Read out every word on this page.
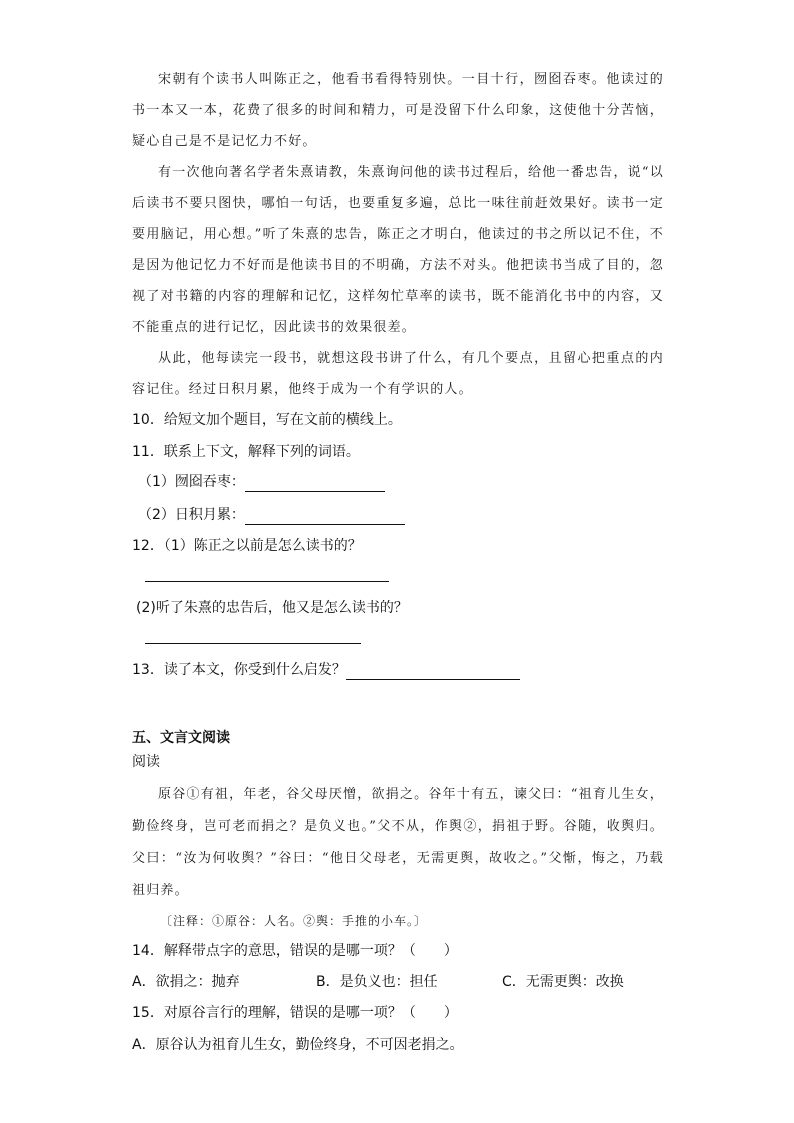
宋朝有个读书人叫陈正之，他看书看得特别快。一目十行，囫囵吞枣。他读过的书一本又一本，花费了很多的时间和精力，可是没留下什么印象，这使他十分苦恼，疑心自己是不是记忆力不好。
有一次他向著名学者朱熹请教，朱熹询问他的读书过程后，给他一番忠告，说“以后读书不要只图快，哪怕一句话，也要重复多遍，总比一味往前赶效果好。读书一定要用脑记，用心想。”听了朱熹的忠告，陈正之才明白，他读过的书之所以记不住，不是因为他记忆力不好而是他读书目的不明确，方法不对头。他把读书当成了目的，忽视了对书籍的内容的理解和记忆，这样匆忙草率的读书，既不能消化书中的内容，又不能重点的进行记忆，因此读书的效果很差。
从此，他每读完一段书，就想这段书讲了什么，有几个要点，且留心把重点的内容记住。经过日积月累，他终于成为一个有学识的人。
10．给短文加个题目，写在文前的横线上。
11．联系上下文，解释下列的词语。
（1）囫囵吞枣：
（2）日积月累：
12．（1）陈正之以前是怎么读书的？
(2)听了朱熹的忠告后，他又是怎么读书的？
13．读了本文，你受到什么启发？
五、文言文阅读
阅读
原谷①有祖，年老，谷父母厌憎，欲捐之。谷年十有五，谏父曰：“祖育儿生女，勤俭终身，岂可老而捐之？是负义也。”父不从，作舆②，捐祖于野。谷随，收舆归。父曰：“汝为何收舆？”谷曰：“他日父母老，无需更舆，故收之。”父惭，悔之，乃载祖归养。
〔注释：①原谷：人名。②舆：手推的小车。〕
14．解释带点字的意思，错误的是哪一项？（　　）
A．欲捐之：抛弃	B．是负义也：担任	C．无需更舆：改换
15．对原谷言行的理解，错误的是哪一项？（　　）
A．原谷认为祖育儿生女，勤俭终身，不可因老捐之。
